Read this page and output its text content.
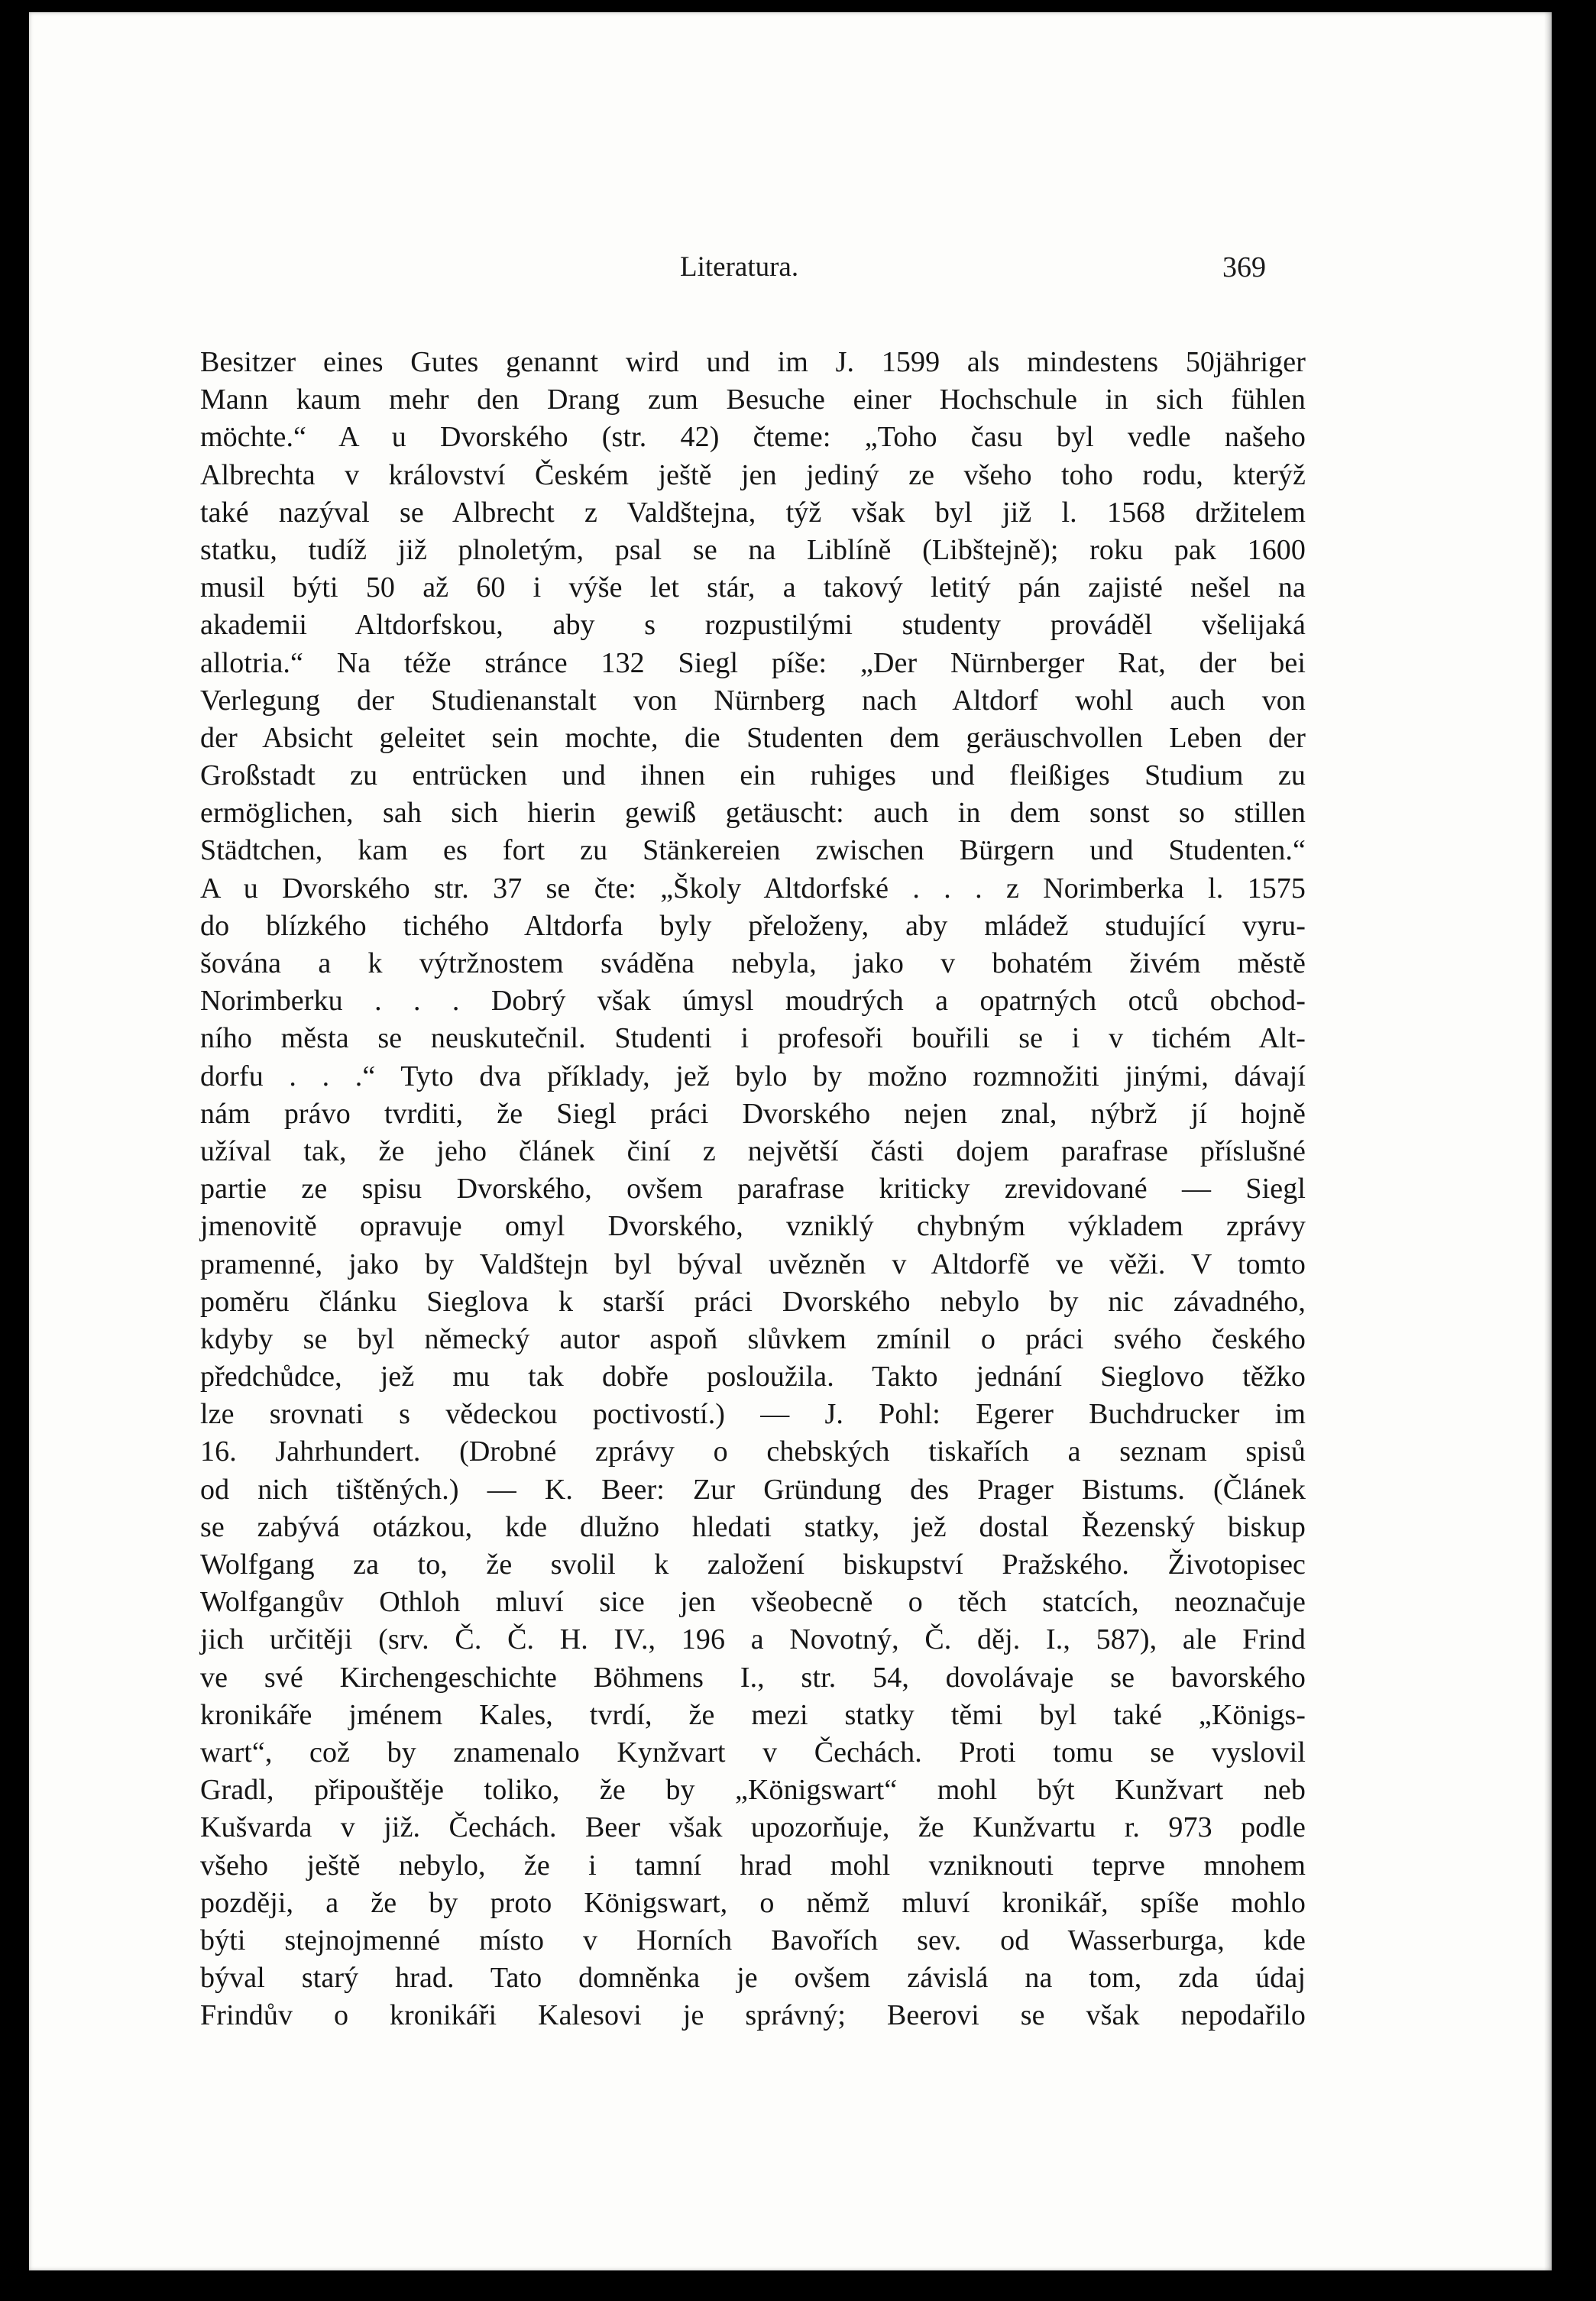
Literatura.	369
Besitzer eines Gutes genannt wird und im J. 1599 als mindestens 50jähriger
Mann kaum mehr den Drang zum Besuche einer Hochschule in sich fühlen
möchte.“ A u Dvorského (str. 42) čteme: „Toho času byl vedle našeho
Albrechta v království Českém ještě jen jediný ze všeho toho rodu, kterýž
také nazýval se Albrecht z Valdštejna, týž však byl již l. 1568 držitelem
statku, tudíž již plnoletým, psal se na Liblíně (Libštejně); roku pak 1600
musil býti 50 až 60 i výše let stár, a takový letitý pán zajisté nešel na
akademii Altdorfskou, aby s rozpustilými studenty prováděl všelijaká
allotria.“ Na téže stránce 132 Siegl píše: „Der Nürnberger Rat, der bei
Verlegung der Studienanstalt von Nürnberg nach Altdorf wohl auch von
der Absicht geleitet sein mochte, die Studenten dem geräuschvollen Leben der
Großstadt zu entrücken und ihnen ein ruhiges und fleißiges Studium zu
ermöglichen, sah sich hierin gewiß getäuscht: auch in dem sonst so stillen
Städtchen, kam es fort zu Stänkereien zwischen Bürgern und Studenten.“
A u Dvorského str. 37 se čte: „Školy Altdorfské . . . z Norimberka l. 1575
do blízkého tichého Altdorfa byly přeloženy, aby mládež studující vyru-
šována a k výtržnostem sváděna nebyla, jako v bohatém živém městě
Norimberku . . . Dobrý však úmysl moudrých a opatrných otců obchod-
ního města se neuskutečnil. Studenti i profesoři bouřili se i v tichém Alt-
dorfu . . .“ Tyto dva příklady, jež bylo by možno rozmnožiti jinými, dávají
nám právo tvrditi, že Siegl práci Dvorského nejen znal, nýbrž jí hojně
užíval tak, že jeho článek činí z největší části dojem parafrase příslušné
partie ze spisu Dvorského, ovšem parafrase kriticky zrevidované — Siegl
jmenovitě opravuje omyl Dvorského, vzniklý chybným výkladem zprávy
pramenné, jako by Valdštejn byl býval uvězněn v Altdorfě ve věži. V tomto
poměru článku Sieglova k starší práci Dvorského nebylo by nic závadného,
kdyby se byl německý autor aspoň slůvkem zmínil o práci svého českého
předchůdce, jež mu tak dobře posloužila. Takto jednání Sieglovo těžko
lze srovnati s vědeckou poctivostí.) — J. Pohl: Egerer Buchdrucker im
16. Jahrhundert. (Drobné zprávy o chebských tiskařích a seznam spisů
od nich tištěných.) — K. Beer: Zur Gründung des Prager Bistums. (Článek
se zabývá otázkou, kde dlužno hledati statky, jež dostal Řezenský biskup
Wolfgang za to, že svolil k založení biskupství Pražského. Životopisec
Wolfgangův Othloh mluví sice jen všeobecně o těch statcích, neoznačuje
jich určitěji (srv. Č. Č. H. IV., 196 a Novotný, Č. děj. I., 587), ale Frind
ve své Kirchengeschichte Böhmens I., str. 54, dovolávaje se bavorského
kronikáře jménem Kales, tvrdí, že mezi statky těmi byl také „Königs-
wart“, což by znamenalo Kynžvart v Čechách. Proti tomu se vyslovil
Gradl, připouštěje toliko, že by „Königswart“ mohl být Kunžvart neb
Kušvarda v již. Čechách. Beer však upozorňuje, že Kunžvartu r. 973 podle
všeho ještě nebylo, že i tamní hrad mohl vzniknouti teprve mnohem
později, a že by proto Königswart, o němž mluví kronikář, spíše mohlo
býti stejnojmenné místo v Horních Bavořích sev. od Wasserburga, kde
býval starý hrad. Tato domněnka je ovšem závislá na tom, zda údaj
Frindův o kronikáři Kalesovi je správný; Beerovi se však nepodařilo
